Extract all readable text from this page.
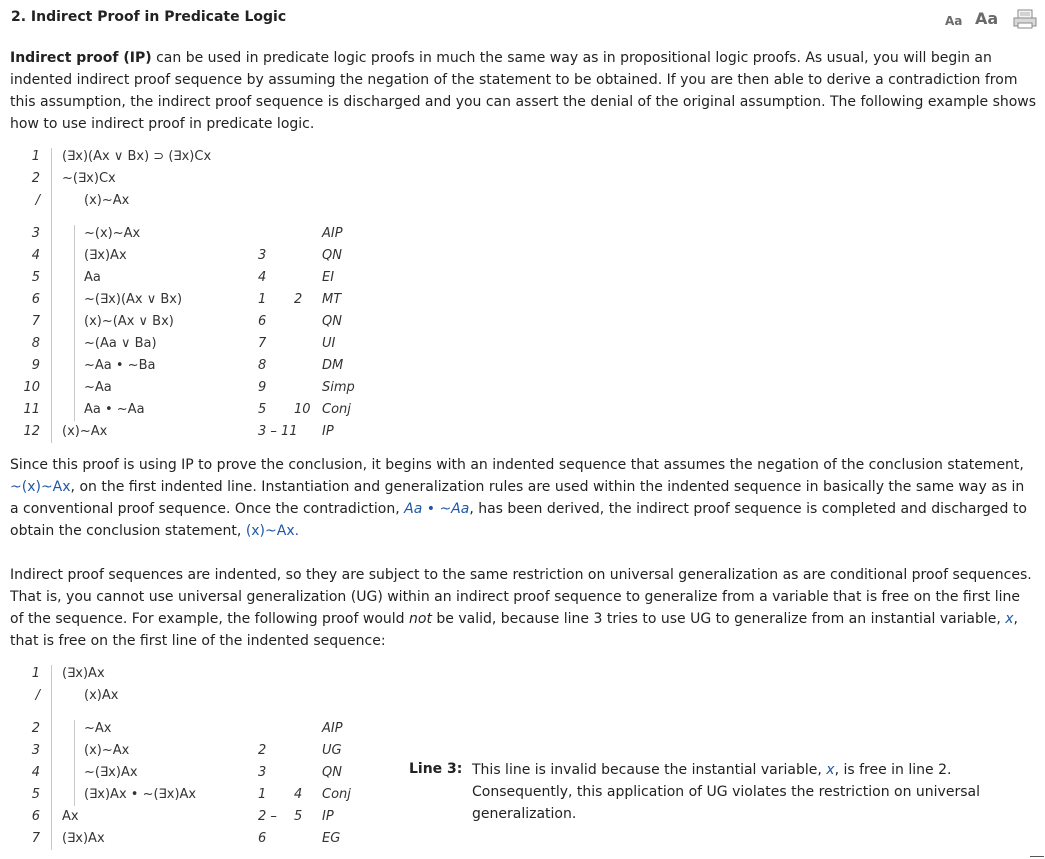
2. Indirect Proof in Predicate Logic	Aa Aa

Indirect proof (IP) can be used in predicate logic proofs in much the same way as in propositional logic proofs. As usual, you will begin an indented indirect proof sequence by assuming the negation of the statement to be obtained. If you are then able to derive a contradiction from this assumption, the indirect proof sequence is discharged and you can assert the denial of the original assumption. The following example shows how to use indirect proof in predicate logic.

1 (∃x)(Ax ∨ Bx) ⊃ (∃x)Cx
2 ~(∃x)Cx
/	(x)~Ax
3	~(x)~Ax	AIP
4	(∃x)Ax	3	QN
5	Aa	4	EI
6	~(∃x)(Ax ∨ Bx)	1 2 MT
7	(x)~(Ax ∨ Bx)	6	QN
8	~(Aa ∨ Ba)	7	UI
9	~Aa • ~Ba	8	DM
10	~Aa	9	Simp
11	Aa • ~Aa	5 10 Conj
12 (x)~Ax	3 – 11 IP

Since this proof is using IP to prove the conclusion, it begins with an indented sequence that assumes the negation of the conclusion statement, ~(x)~Ax, on the first indented line. Instantiation and generalization rules are used within the indented sequence in basically the same way as in a conventional proof sequence. Once the contradiction, Aa • ~Aa, has been derived, the indirect proof sequence is completed and discharged to obtain the conclusion statement, (x)~Ax.

Indirect proof sequences are indented, so they are subject to the same restriction on universal generalization as are conditional proof sequences. That is, you cannot use universal generalization (UG) within an indirect proof sequence to generalize from a variable that is free on the first line of the sequence. For example, the following proof would not be valid, because line 3 tries to use UG to generalize from an instantial variable, x, that is free on the first line of the indented sequence:

1 (∃x)Ax
/	(x)Ax
2	~Ax	AIP
3	(x)~Ax	2	UG
4	~(∃x)Ax	3	QN
5	(∃x)Ax • ~(∃x)Ax	1 4 Conj
6 Ax	2 – 5 IP
7 (∃x)Ax	6	EG
Line 3: This line is invalid because the instantial variable, x, is free in line 2. Consequently, this application of UG violates the restriction on universal generalization.
